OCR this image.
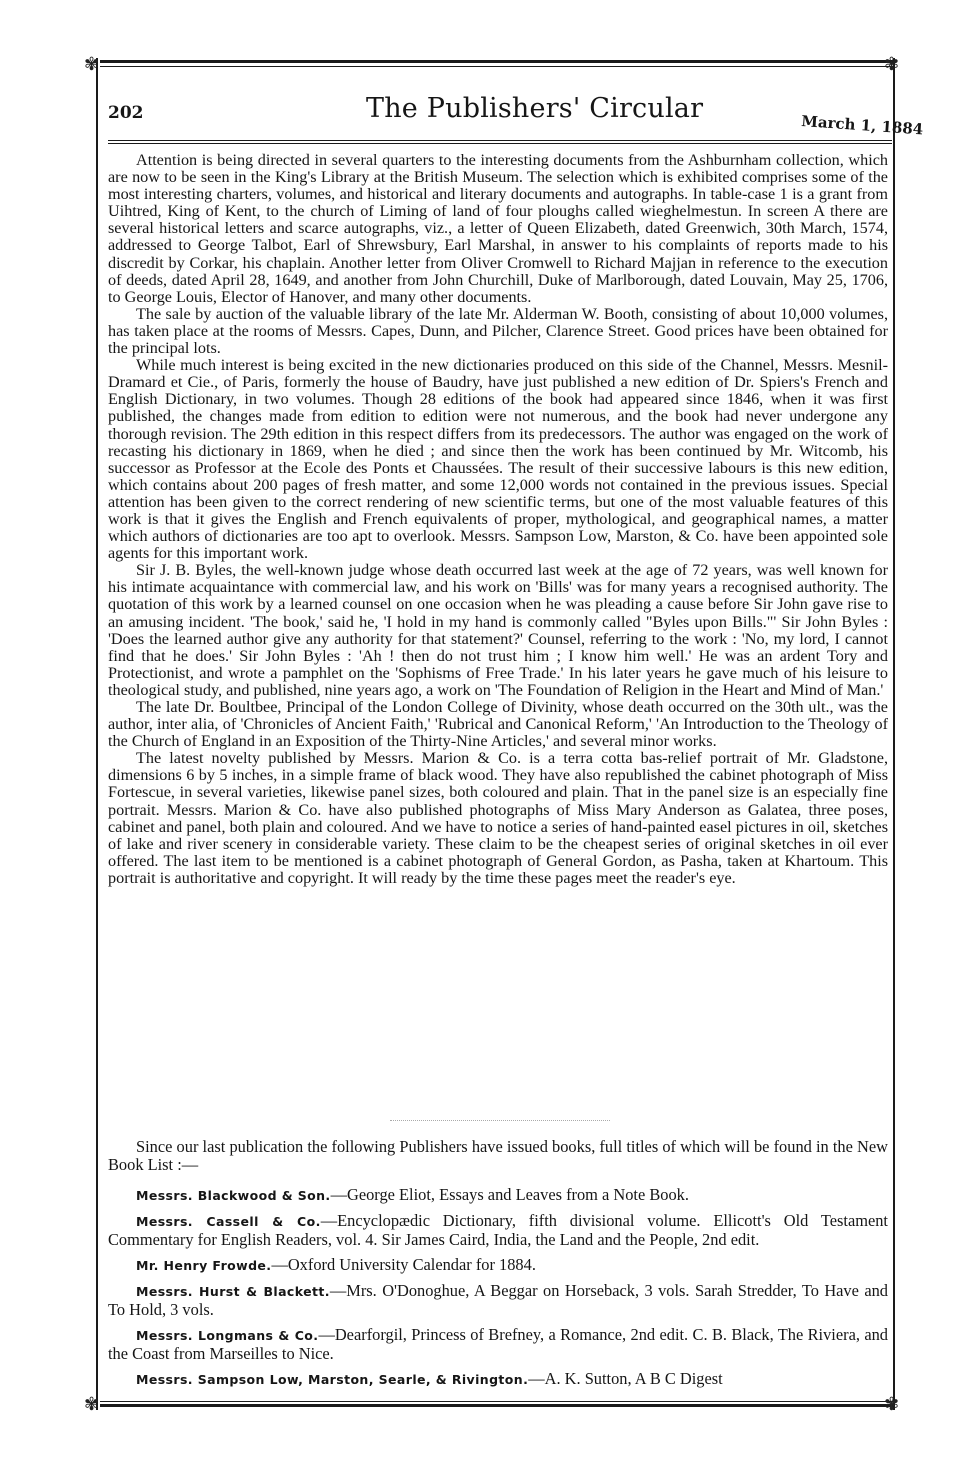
✾	✾
✾	✾
202	The Publishers' Circular
March 1, 1884

Attention is being directed in several quarters to the interesting documents from the Ashburnham collection, which are now to be seen in the King's Library at the British Museum. The selection which is exhibited comprises some of the most interesting charters, volumes, and historical and literary documents and autographs. In table-case 1 is a grant from Uihtred, King of Kent, to the church of Liming of land of four ploughs called wieghelmestun. In screen A there are several historical letters and scarce autographs, viz., a letter of Queen Elizabeth, dated Greenwich, 30th March, 1574, addressed to George Talbot, Earl of Shrewsbury, Earl Marshal, in answer to his complaints of reports made to his discredit by Corkar, his chaplain. Another letter from Oliver Cromwell to Richard Majjan in reference to the execution of deeds, dated April 28, 1649, and another from John Churchill, Duke of Marlborough, dated Louvain, May 25, 1706, to George Louis, Elector of Hanover, and many other documents.

The sale by auction of the valuable library of the late Mr. Alderman W. Booth, consisting of about 10,000 volumes, has taken place at the rooms of Messrs. Capes, Dunn, and Pilcher, Clarence Street. Good prices have been obtained for the principal lots.

While much interest is being excited in the new dictionaries produced on this side of the Channel, Messrs. Mesnil-Dramard et Cie., of Paris, formerly the house of Baudry, have just published a new edition of Dr. Spiers's French and English Dictionary, in two volumes. Though 28 editions of the book had appeared since 1846, when it was first published, the changes made from edition to edition were not numerous, and the book had never undergone any thorough revision. The 29th edition in this respect differs from its predecessors. The author was engaged on the work of recasting his dictionary in 1869, when he died ; and since then the work has been continued by Mr. Witcomb, his successor as Professor at the Ecole des Ponts et Chaussées. The result of their successive labours is this new edition, which contains about 200 pages of fresh matter, and some 12,000 words not contained in the previous issues. Special attention has been given to the correct rendering of new scientific terms, but one of the most valuable features of this work is that it gives the English and French equivalents of proper, mythological, and geographical names, a matter which authors of dictionaries are too apt to overlook. Messrs. Sampson Low, Marston, & Co. have been appointed sole agents for this important work.

Sir J. B. Byles, the well-known judge whose death occurred last week at the age of 72 years, was well known for his intimate acquaintance with commercial law, and his work on 'Bills' was for many years a recognised authority. The quotation of this work by a learned counsel on one occasion when he was pleading a cause before Sir John gave rise to an amusing incident. 'The book,' said he, 'I hold in my hand is commonly called "Byles upon Bills."' Sir John Byles : 'Does the learned author give any authority for that statement?' Counsel, referring to the work : 'No, my lord, I cannot find that he does.' Sir John Byles : 'Ah ! then do not trust him ; I know him well.' He was an ardent Tory and Protectionist, and wrote a pamphlet on the 'Sophisms of Free Trade.' In his later years he gave much of his leisure to theological study, and published, nine years ago, a work on 'The Foundation of Religion in the Heart and Mind of Man.'

The late Dr. Boultbee, Principal of the London College of Divinity, whose death occurred on the 30th ult., was the author, inter alia, of 'Chronicles of Ancient Faith,' 'Rubrical and Canonical Reform,' 'An Introduction to the Theology of the Church of England in an Exposition of the Thirty-Nine Articles,' and several minor works.

The latest novelty published by Messrs. Marion & Co. is a terra cotta bas-relief portrait of Mr. Gladstone, dimensions 6 by 5 inches, in a simple frame of black wood. They have also republished the cabinet photograph of Miss Fortescue, in several varieties, likewise panel sizes, both coloured and plain. That in the panel size is an especially fine portrait. Messrs. Marion & Co. have also published photographs of Miss Mary Anderson as Galatea, three poses, cabinet and panel, both plain and coloured. And we have to notice a series of hand-painted easel pictures in oil, sketches of lake and river scenery in considerable variety. These claim to be the cheapest series of original sketches in oil ever offered. The last item to be mentioned is a cabinet photograph of General Gordon, as Pasha, taken at Khartoum. This portrait is authoritative and copyright. It will ready by the time these pages meet the reader's eye.

Since our last publication the following Publishers have issued books, full titles of which will be found in the New Book List :—

Messrs. Blackwood & Son.—George Eliot, Essays and Leaves from a Note Book.

Messrs. Cassell & Co.—Encyclopædic Dictionary, fifth divisional volume. Ellicott's Old Testament Commentary for English Readers, vol. 4. Sir James Caird, India, the Land and the People, 2nd edit.

Mr. Henry Frowde.—Oxford University Calendar for 1884.

Messrs. Hurst & Blackett.—Mrs. O'Donoghue, A Beggar on Horseback, 3 vols. Sarah Stredder, To Have and To Hold, 3 vols.

Messrs. Longmans & Co.—Dearforgil, Princess of Brefney, a Romance, 2nd edit. C. B. Black, The Riviera, and the Coast from Marseilles to Nice.

Messrs. Sampson Low, Marston, Searle, & Rivington.—A. K. Sutton, A B C Digest
